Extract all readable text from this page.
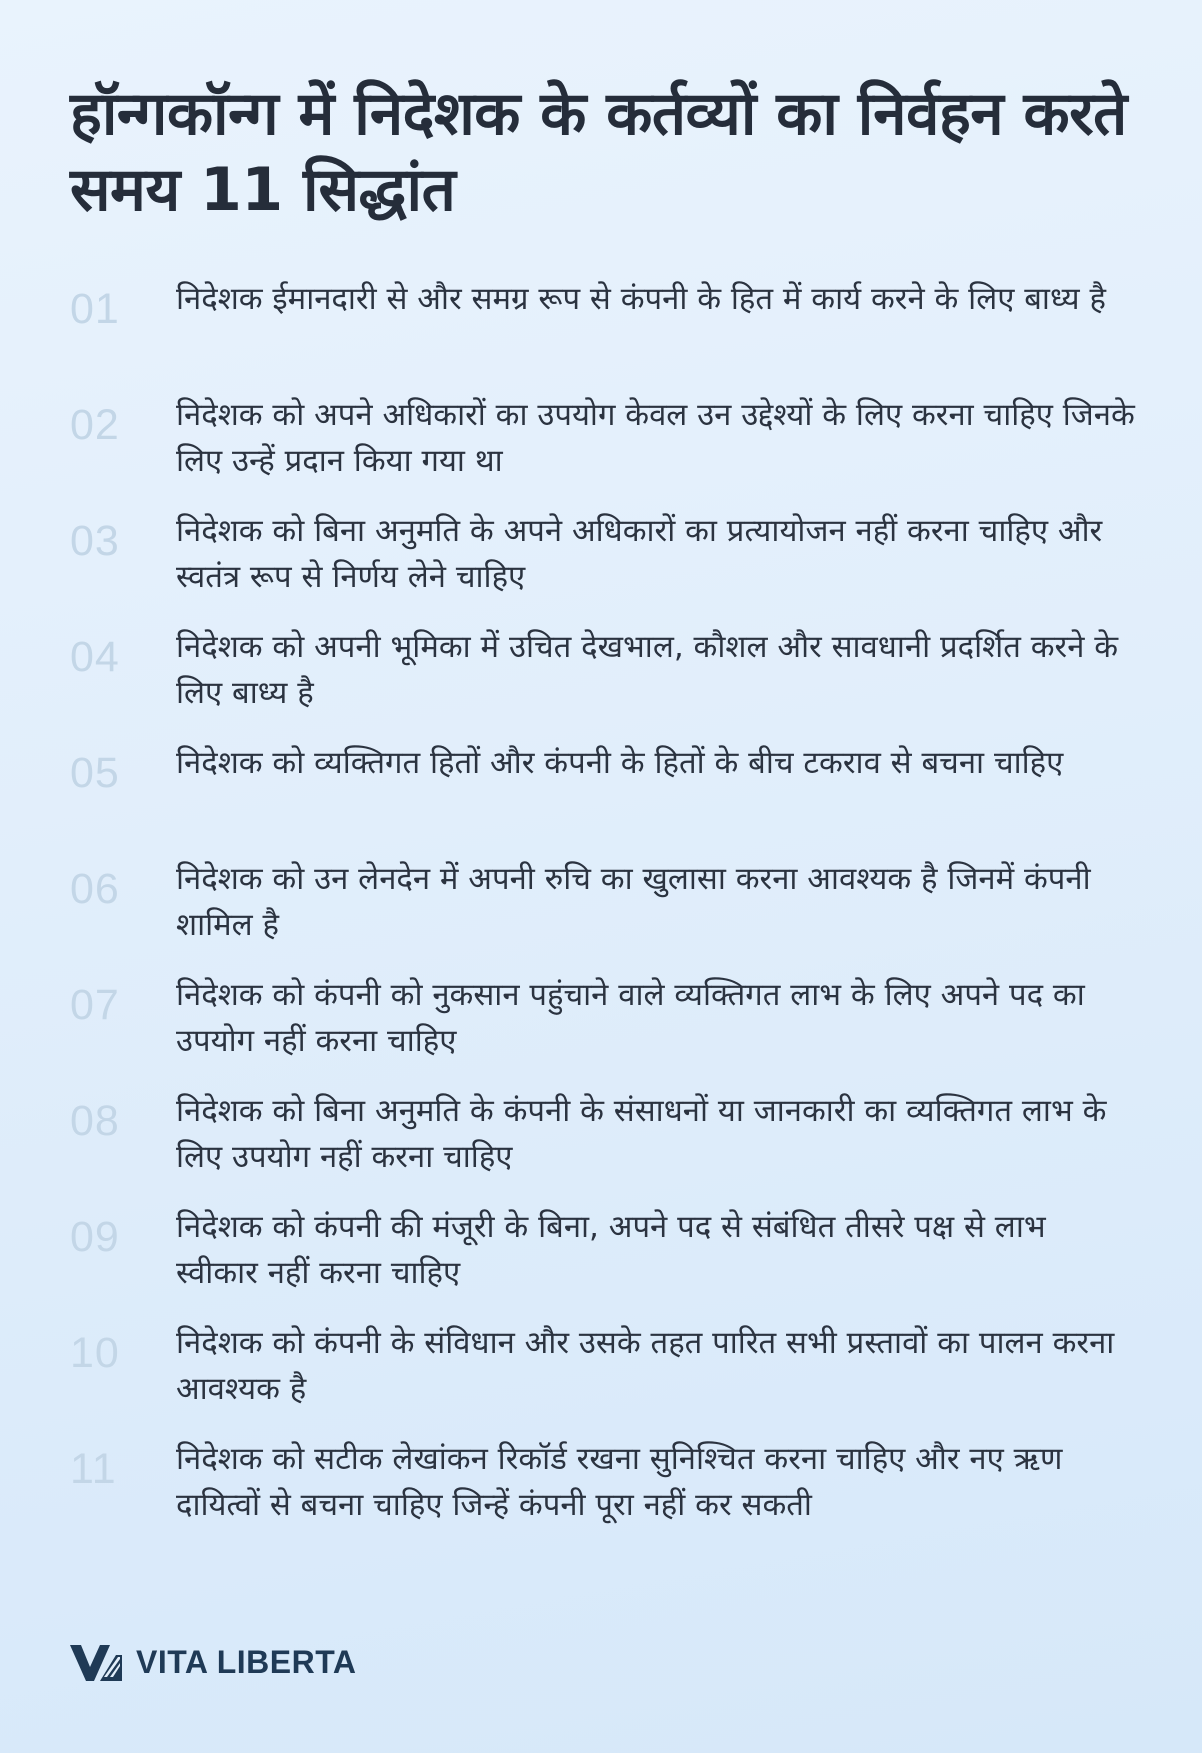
हॉन्गकॉन्ग में निदेशक के कर्तव्यों का निर्वहन करते समय 11 सिद्धांत
01 निदेशक ईमानदारी से और समग्र रूप से कंपनी के हित में कार्य करने के लिए बाध्य है
02 निदेशक को अपने अधिकारों का उपयोग केवल उन उद्देश्यों के लिए करना चाहिए जिनके लिए उन्हें प्रदान किया गया था
03 निदेशक को बिना अनुमति के अपने अधिकारों का प्रत्यायोजन नहीं करना चाहिए और स्वतंत्र रूप से निर्णय लेने चाहिए
04 निदेशक को अपनी भूमिका में उचित देखभाल, कौशल और सावधानी प्रदर्शित करने के लिए बाध्य है
05 निदेशक को व्यक्तिगत हितों और कंपनी के हितों के बीच टकराव से बचना चाहिए
06 निदेशक को उन लेनदेन में अपनी रुचि का खुलासा करना आवश्यक है जिनमें कंपनी शामिल है
07 निदेशक को कंपनी को नुकसान पहुंचाने वाले व्यक्तिगत लाभ के लिए अपने पद का उपयोग नहीं करना चाहिए
08 निदेशक को बिना अनुमति के कंपनी के संसाधनों या जानकारी का व्यक्तिगत लाभ के लिए उपयोग नहीं करना चाहिए
09 निदेशक को कंपनी की मंजूरी के बिना, अपने पद से संबंधित तीसरे पक्ष से लाभ स्वीकार नहीं करना चाहिए
10 निदेशक को कंपनी के संविधान और उसके तहत पारित सभी प्रस्तावों का पालन करना आवश्यक है
11 निदेशक को सटीक लेखांकन रिकॉर्ड रखना सुनिश्चित करना चाहिए और नए ऋण दायित्वों से बचना चाहिए जिन्हें कंपनी पूरा नहीं कर सकती
VITA LIBERTA
